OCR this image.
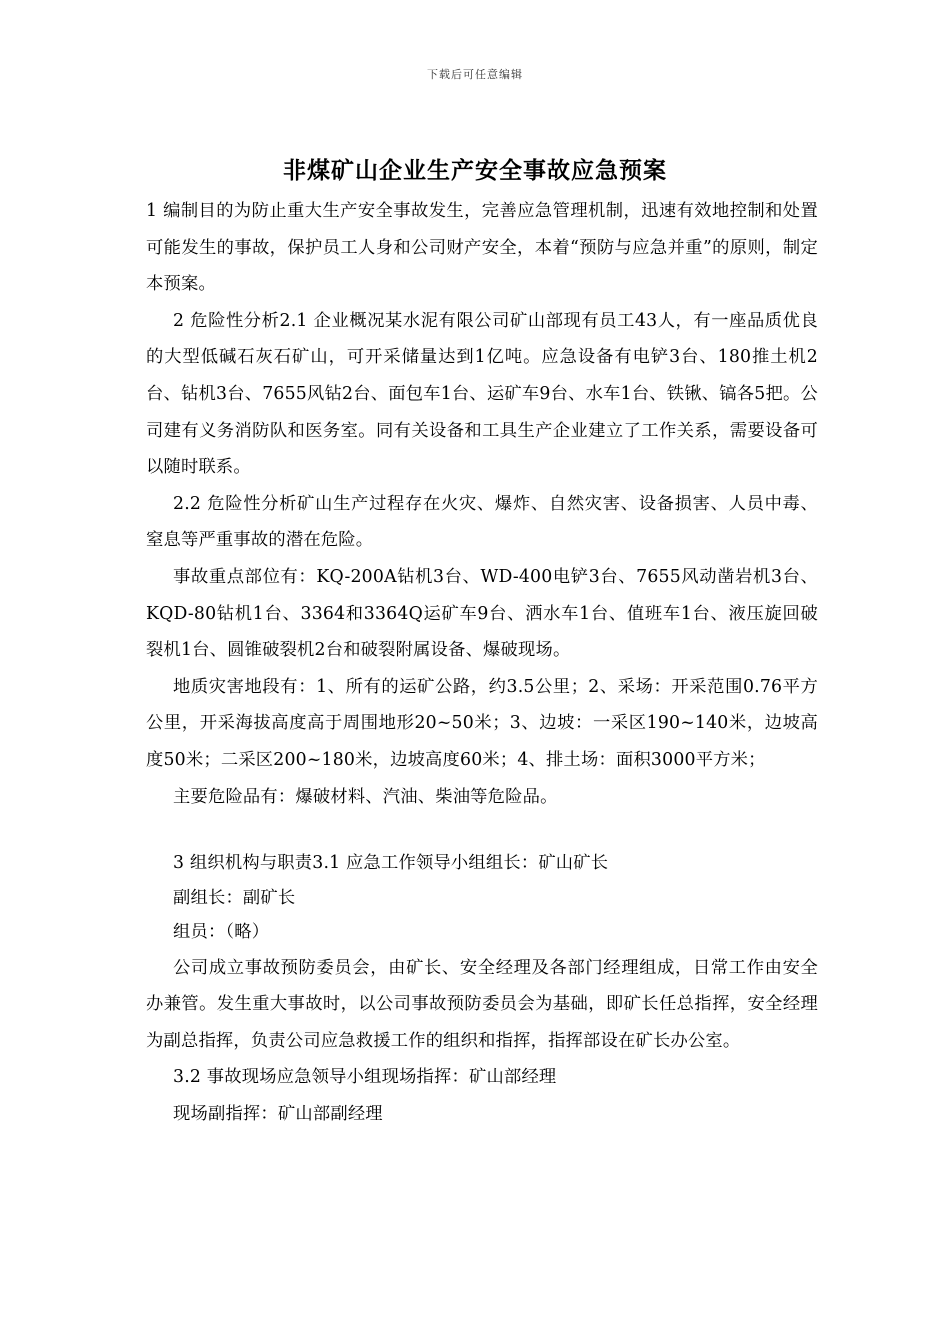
下载后可任意编辑
非煤矿山企业生产安全事故应急预案

1 编制目的为防止重大生产安全事故发生，完善应急管理机制，迅速有效地控制和处置可能发生的事故，保护员工人身和公司财产安全，本着“预防与应急并重”的原则，制定本预案。

2 危险性分析2.1 企业概况某水泥有限公司矿山部现有员工43人，有一座品质优良的大型低碱石灰石矿山，可开采储量达到1亿吨。应急设备有电铲3台、180推土机2台、钻机3台、7655风钻2台、面包车1台、运矿车9台、水车1台、铁锹、镐各5把。公司建有义务消防队和医务室。同有关设备和工具生产企业建立了工作关系，需要设备可以随时联系。

2.2 危险性分析矿山生产过程存在火灾、爆炸、自然灾害、设备损害、人员中毒、窒息等严重事故的潜在危险。

事故重点部位有：KQ-200A钻机3台、WD-400电铲3台、7655风动凿岩机3台、KQD-80钻机1台、3364和3364Q运矿车9台、洒水车1台、值班车1台、液压旋回破裂机1台、圆锥破裂机2台和破裂附属设备、爆破现场。

地质灾害地段有：1、所有的运矿公路，约3.5公里；2、采场：开采范围0.76平方公里，开采海拔高度高于周围地形20~50米；3、边坡：一采区190~140米，边坡高度50米；二采区200~180米，边坡高度60米；4、排土场：面积3000平方米；

主要危险品有：爆破材料、汽油、柴油等危险品。

3 组织机构与职责3.1 应急工作领导小组组长：矿山矿长

副组长：副矿长

组员：（略）

公司成立事故预防委员会，由矿长、安全经理及各部门经理组成，日常工作由安全办兼管。发生重大事故时，以公司事故预防委员会为基础，即矿长任总指挥，安全经理为副总指挥，负责公司应急救援工作的组织和指挥，指挥部设在矿长办公室。

3.2 事故现场应急领导小组现场指挥：矿山部经理

现场副指挥：矿山部副经理
